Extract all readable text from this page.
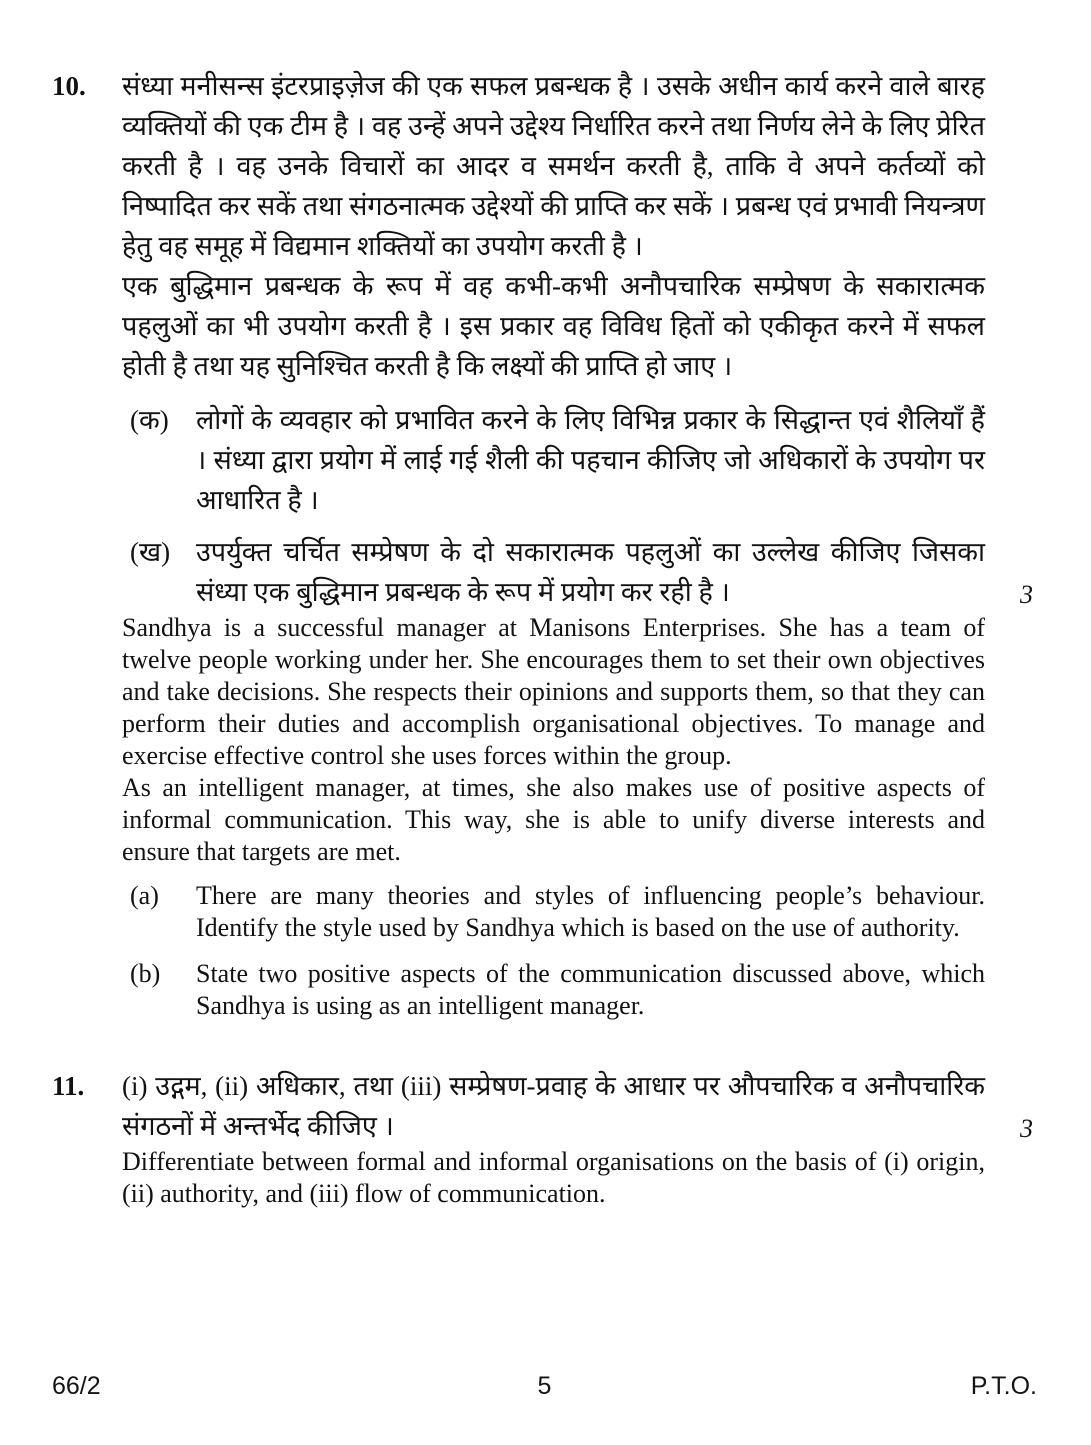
10.	संध्या मनीसन्स इंटरप्राइज़ेज की एक सफल प्रबन्धक है । उसके अधीन कार्य करने वाले बारह व्यक्तियों की एक टीम है । वह उन्हें अपने उद्देश्य निर्धारित करने तथा निर्णय लेने के लिए प्रेरित करती है । वह उनके विचारों का आदर व समर्थन करती है, ताकि वे अपने कर्तव्यों को निष्पादित कर सकें तथा संगठनात्मक उद्देश्यों की प्राप्ति कर सकें । प्रबन्ध एवं प्रभावी नियन्त्रण हेतु वह समूह में विद्यमान शक्तियों का उपयोग करती है ।

एक बुद्धिमान प्रबन्धक के रूप में वह कभी-कभी अनौपचारिक सम्प्रेषण के सकारात्मक पहलुओं का भी उपयोग करती है । इस प्रकार वह विविध हितों को एकीकृत करने में सफल होती है तथा यह सुनिश्चित करती है कि लक्ष्यों की प्राप्ति हो जाए ।

(क)	लोगों के व्यवहार को प्रभावित करने के लिए विभिन्न प्रकार के सिद्धान्त एवं शैलियाँ हैं । संध्या द्वारा प्रयोग में लाई गई शैली की पहचान कीजिए जो अधिकारों के उपयोग पर आधारित है ।

(ख) उपर्युक्त चर्चित सम्प्रेषण के दो सकारात्मक पहलुओं का उल्लेख कीजिए जिसका संध्या एक बुद्धिमान प्रबन्धक के रूप में प्रयोग कर रही है ।	3

Sandhya is a successful manager at Manisons Enterprises. She has a team of twelve people working under her. She encourages them to set their own objectives and take decisions. She respects their opinions and supports them, so that they can perform their duties and accomplish organisational objectives. To manage and exercise effective control she uses forces within the group.

As an intelligent manager, at times, she also makes use of positive aspects of informal communication. This way, she is able to unify diverse interests and ensure that targets are met.

(a)	There are many theories and styles of influencing people’s behaviour. Identify the style used by Sandhya which is based on the use of authority.

(b)	State two positive aspects of the communication discussed above, which Sandhya is using as an intelligent manager.

11.	(i) उद्गम, (ii) अधिकार, तथा (iii) सम्प्रेषण-प्रवाह के आधार पर औपचारिक व अनौपचारिक संगठनों में अन्तर्भेद कीजिए ।	3

Differentiate between formal and informal organisations on the basis of (i) origin, (ii) authority, and (iii) flow of communication.

66/2	5	P.T.O.
